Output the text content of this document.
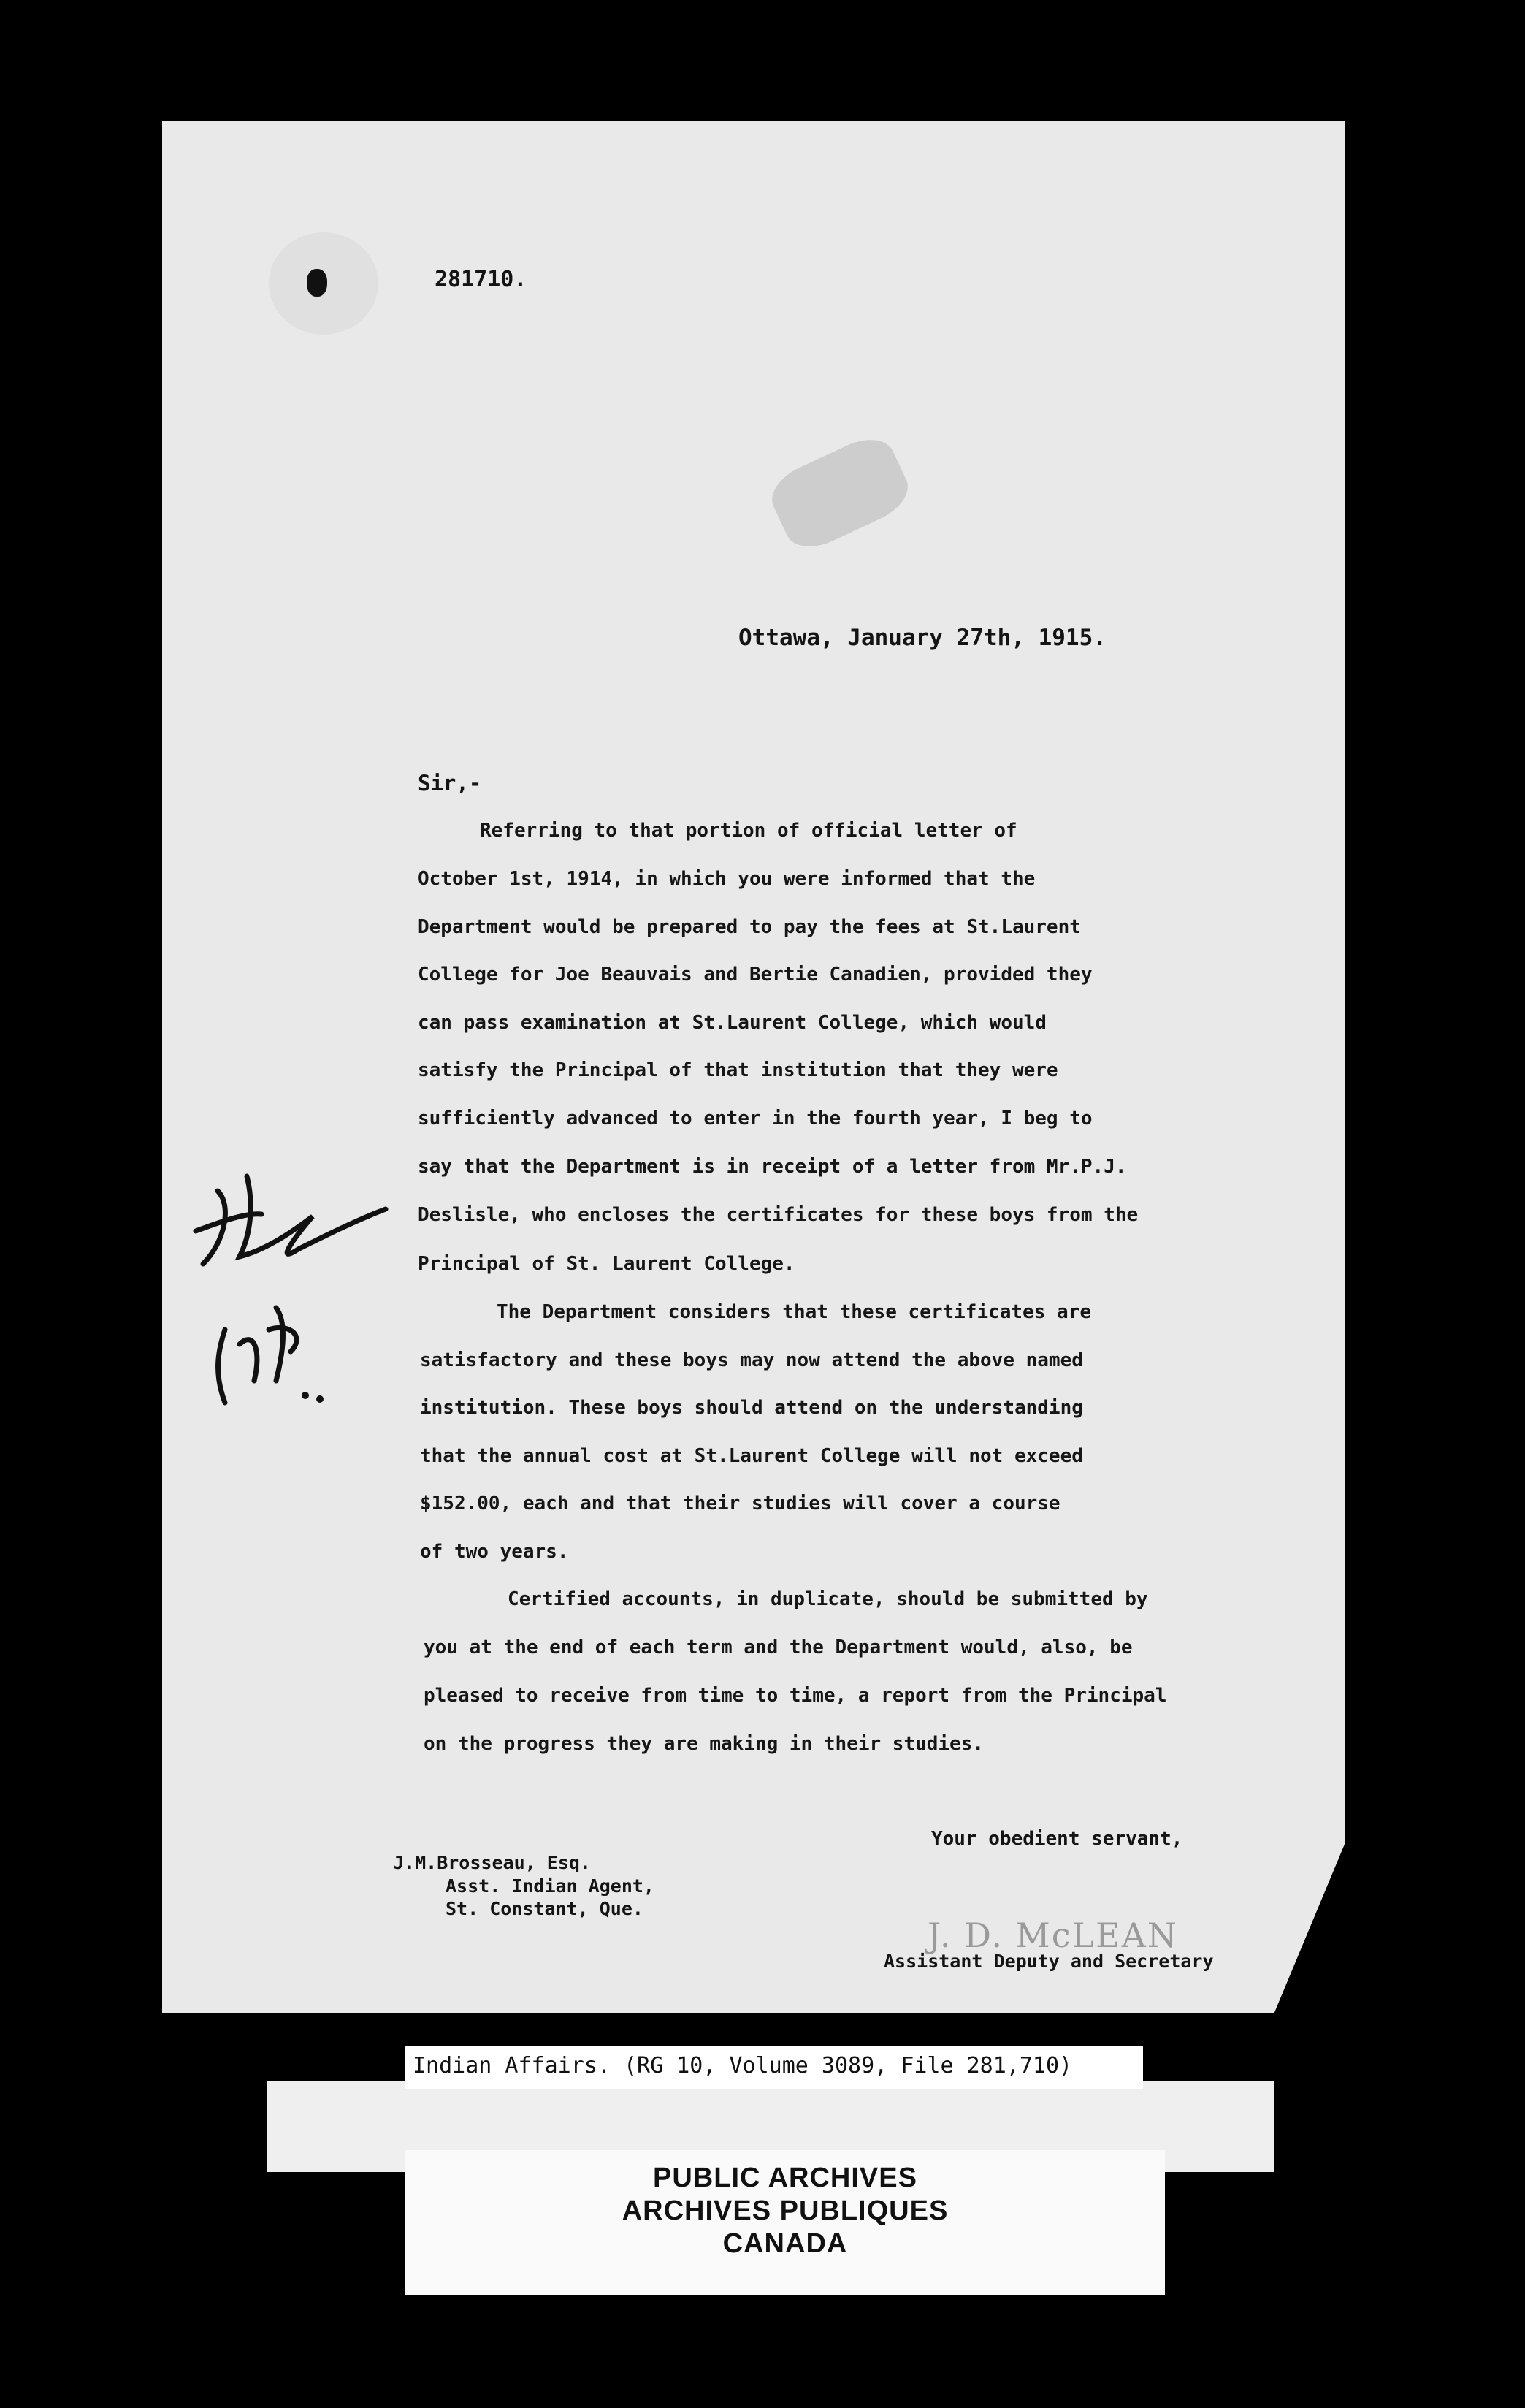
281710.
Ottawa, January 27th, 1915.
Sir,-
Referring to that portion of official letter of
October 1st, 1914, in which you were informed that the
Department would be prepared to pay the fees at St.Laurent
College for Joe Beauvais and Bertie Canadien, provided they
can pass examination at St.Laurent College, which would
satisfy the Principal of that institution that they were
sufficiently advanced to enter in the fourth year, I beg to
say that the Department is in receipt of a letter from Mr.P.J.
Deslisle, who encloses the certificates for these boys from the
Principal of St. Laurent College.
The Department considers that these certificates are
satisfactory and these boys may now attend the above named
institution. These boys should attend on the understanding
that the annual cost at St.Laurent College will not exceed
$152.00, each and that their studies will cover a course
of two years.
Certified accounts, in duplicate, should be submitted by
you at the end of each term and the Department would, also, be
pleased to receive from time to time, a report from the Principal
on the progress they are making in their studies.
Your obedient servant,
J.M.Brosseau, Esq.
Asst. Indian Agent,
St. Constant, Que.
J. D. McLEAN
Assistant Deputy and Secretary
Indian Affairs. (RG 10, Volume 3089, File 281,710)
PUBLIC ARCHIVES
ARCHIVES PUBLIQUES
CANADA
